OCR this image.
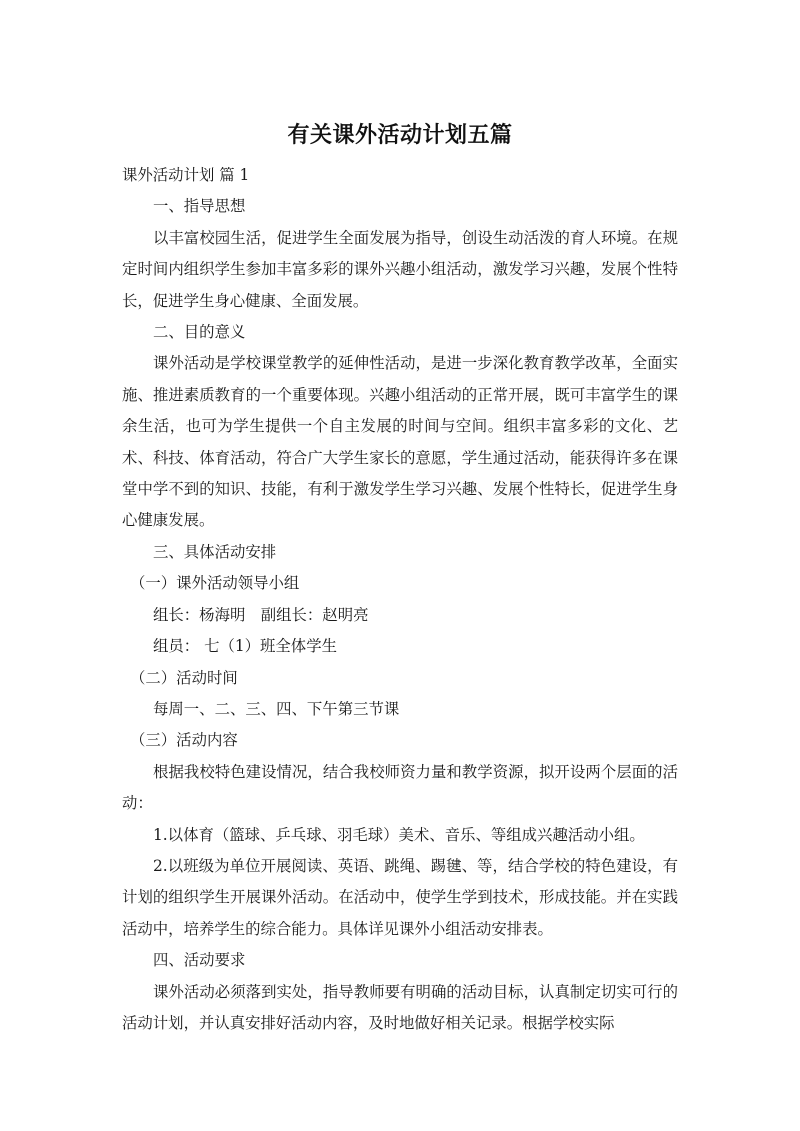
有关课外活动计划五篇

课外活动计划 篇 1

一、指导思想

以丰富校园生活，促进学生全面发展为指导，创设生动活泼的育人环境。在规定时间内组织学生参加丰富多彩的课外兴趣小组活动，激发学习兴趣，发展个性特长，促进学生身心健康、全面发展。

二、目的意义

课外活动是学校课堂教学的延伸性活动，是进一步深化教育教学改革，全面实施、推进素质教育的一个重要体现。兴趣小组活动的正常开展，既可丰富学生的课余生活，也可为学生提供一个自主发展的时间与空间。组织丰富多彩的文化、艺术、科技、体育活动，符合广大学生家长的意愿，学生通过活动，能获得许多在课堂中学不到的知识、技能，有利于激发学生学习兴趣、发展个性特长，促进学生身心健康发展。

三、具体活动安排

（一）课外活动领导小组

组长：杨海明　副组长：赵明亮

组员： 七（1）班全体学生

（二）活动时间

每周一、二、三、四、下午第三节课

（三）活动内容

根据我校特色建设情况，结合我校师资力量和教学资源，拟开设两个层面的活动：

1.以体育（篮球、乒乓球、羽毛球）美术、音乐、等组成兴趣活动小组。

2.以班级为单位开展阅读、英语、跳绳、踢毽、等，结合学校的特色建设，有计划的组织学生开展课外活动。在活动中，使学生学到技术，形成技能。并在实践活动中，培养学生的综合能力。具体详见课外小组活动安排表。

四、活动要求

课外活动必须落到实处，指导教师要有明确的活动目标，认真制定切实可行的活动计划，并认真安排好活动内容，及时地做好相关记录。根据学校实际
